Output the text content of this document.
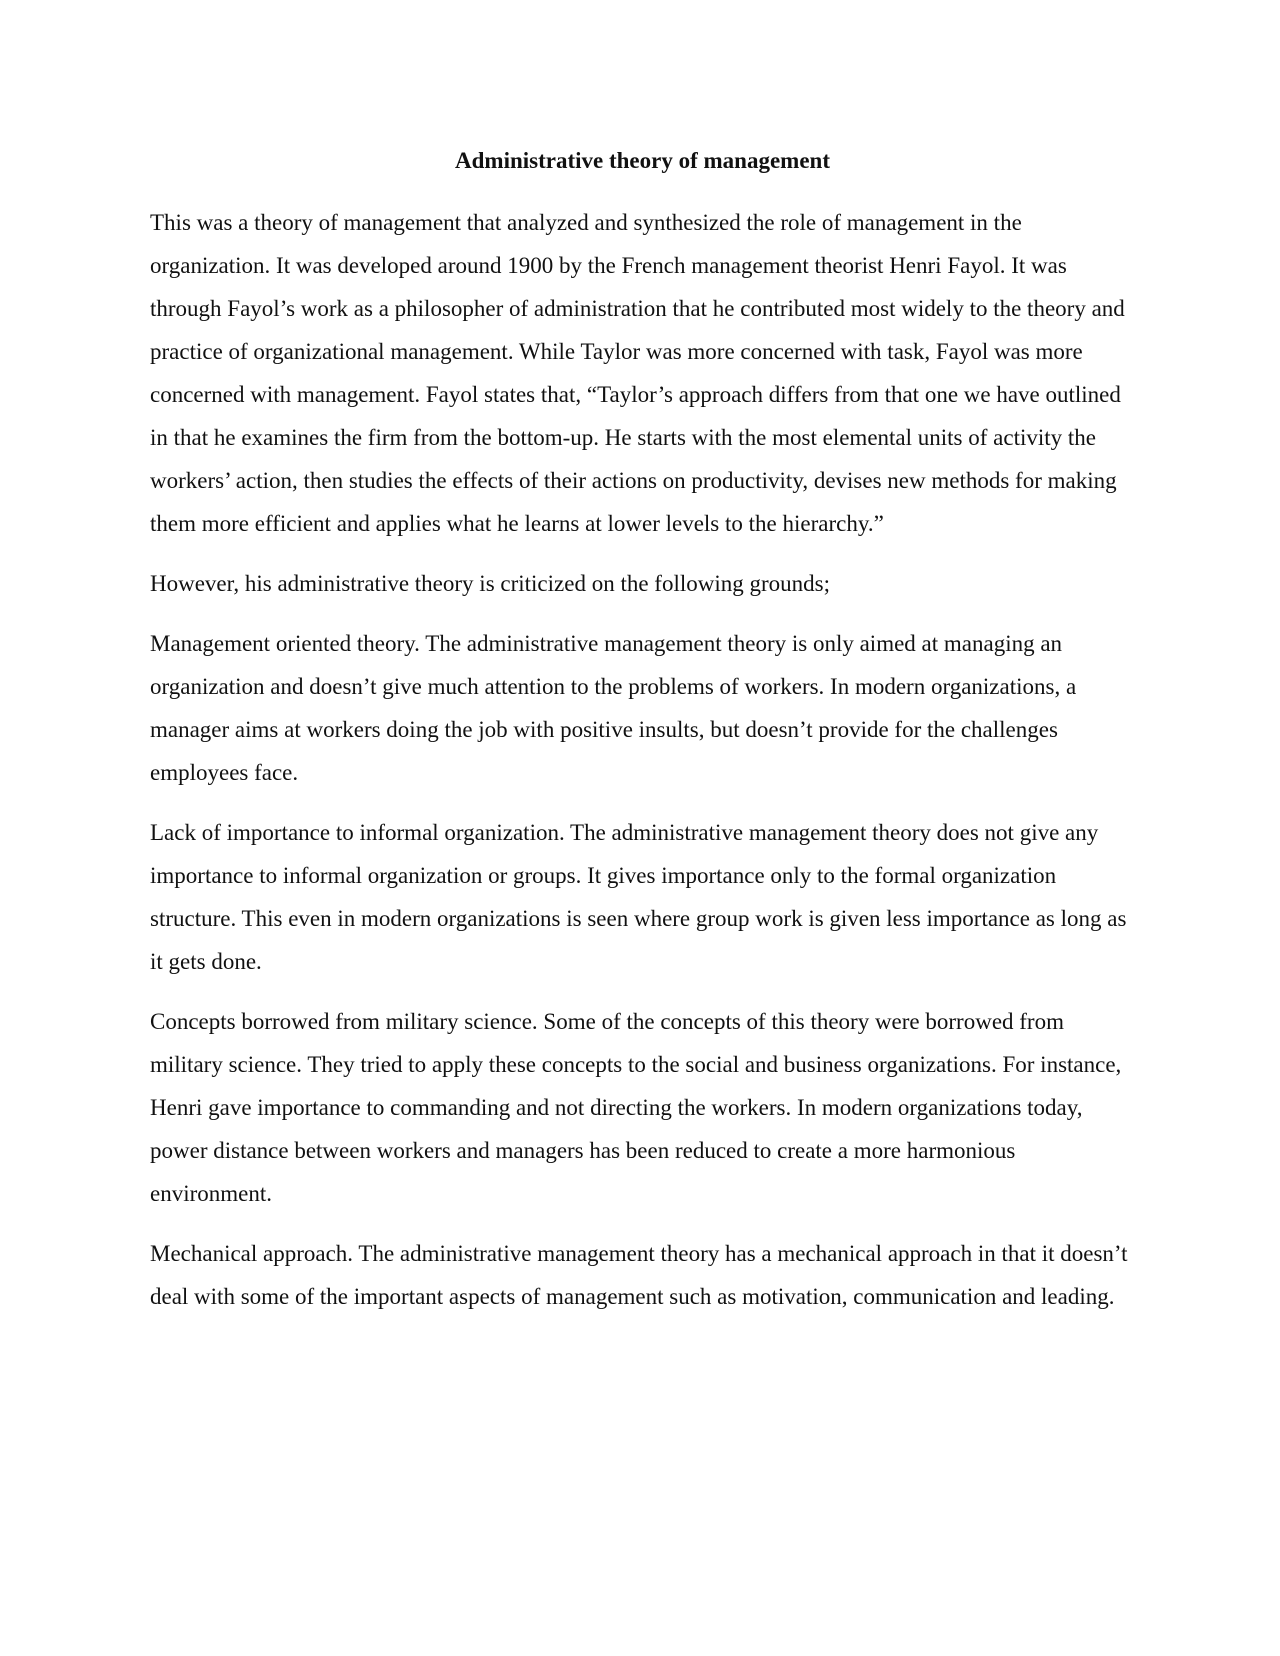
Administrative theory of management

This was a theory of management that analyzed and synthesized the role of management in the organization. It was developed around 1900 by the French management theorist Henri Fayol. It was through Fayol’s work as a philosopher of administration that he contributed most widely to the theory and practice of organizational management. While Taylor was more concerned with task, Fayol was more concerned with management. Fayol states that, “Taylor’s approach differs from that one we have outlined in that he examines the firm from the bottom-up. He starts with the most elemental units of activity the workers’ action, then studies the effects of their actions on productivity, devises new methods for making them more efficient and applies what he learns at lower levels to the hierarchy.”

However, his administrative theory is criticized on the following grounds;

Management oriented theory. The administrative management theory is only aimed at managing an organization and doesn’t give much attention to the problems of workers. In modern organizations, a manager aims at workers doing the job with positive insults, but doesn’t provide for the challenges employees face.

Lack of importance to informal organization. The administrative management theory does not give any importance to informal organization or groups. It gives importance only to the formal organization structure. This even in modern organizations is seen where group work is given less importance as long as it gets done.

Concepts borrowed from military science. Some of the concepts of this theory were borrowed from military science. They tried to apply these concepts to the social and business organizations. For instance, Henri gave importance to commanding and not directing the workers. In modern organizations today, power distance between workers and managers has been reduced to create a more harmonious environment.

Mechanical approach. The administrative management theory has a mechanical approach in that it doesn’t deal with some of the important aspects of management such as motivation, communication and leading.
